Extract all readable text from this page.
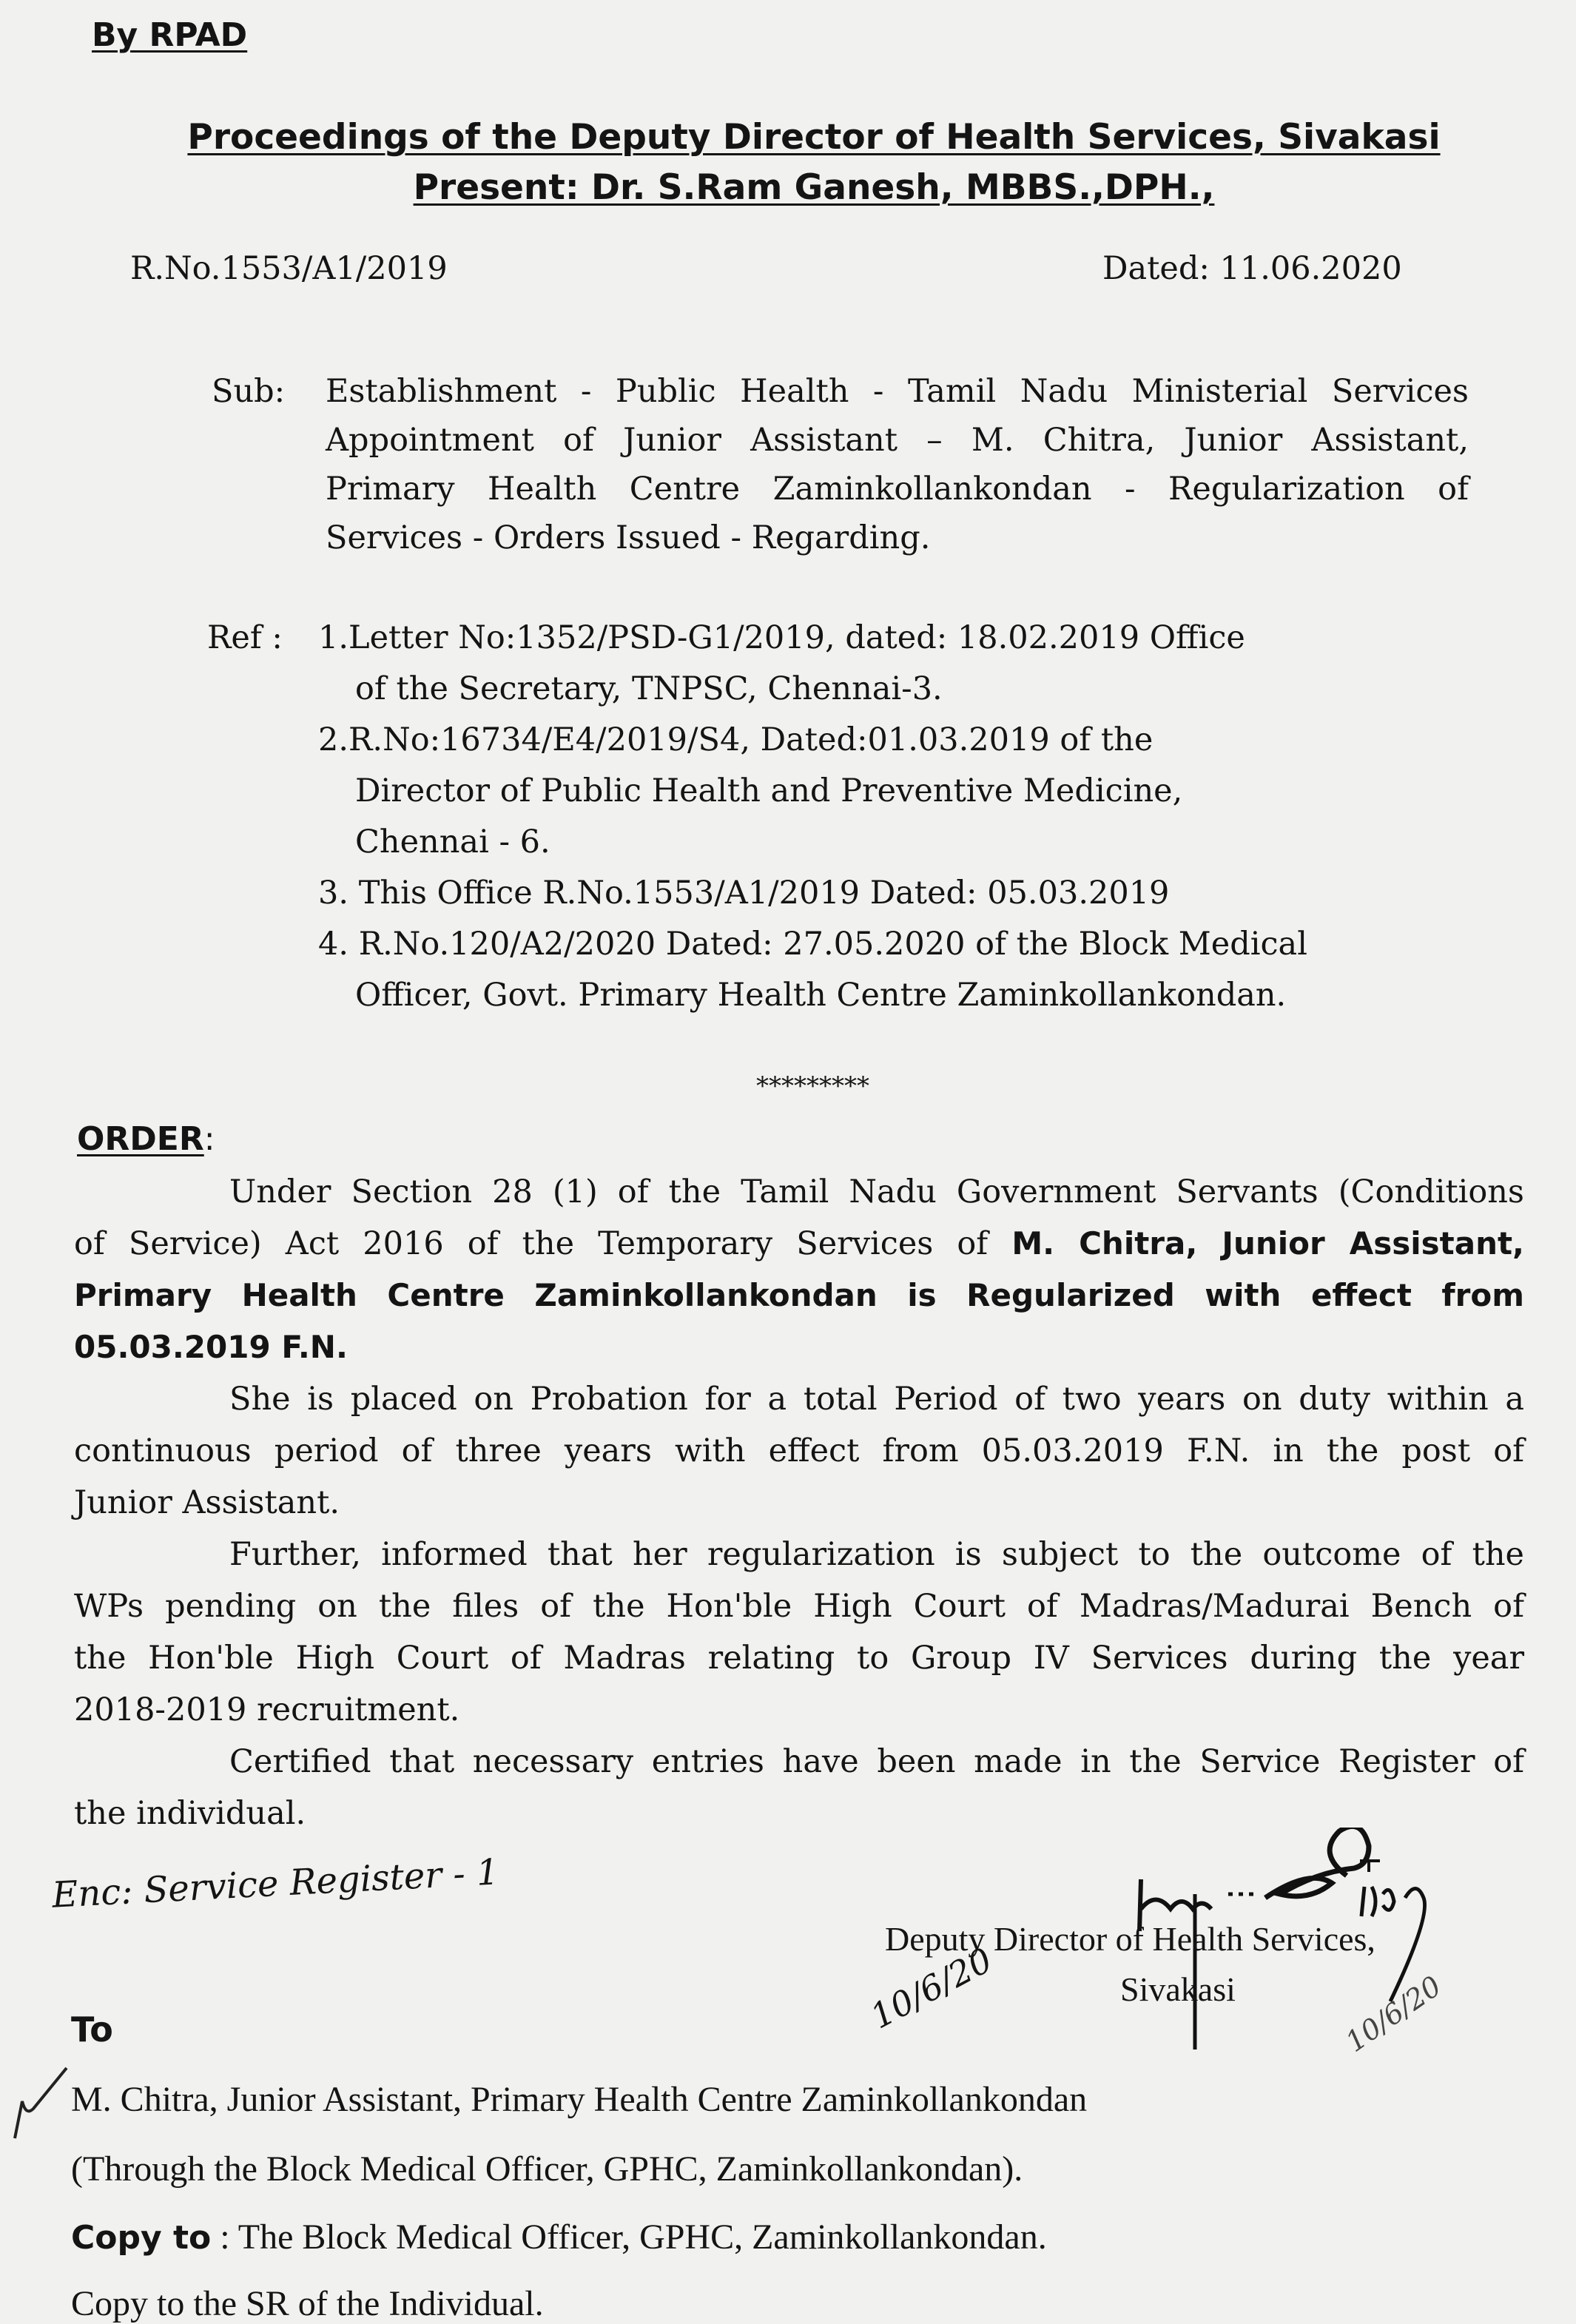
By RPAD
Proceedings of the Deputy Director of Health Services, Sivakasi
Present: Dr. S.Ram Ganesh, MBBS.,DPH.,
R.No.1553/A1/2019	Dated: 11.06.2020
Sub: Establishment - Public Health - Tamil Nadu Ministerial Services
Appointment of Junior Assistant – M. Chitra, Junior Assistant,
Primary Health Centre Zaminkollankondan - Regularization of
Services - Orders Issued - Regarding.
Ref : 1.Letter No:1352/PSD-G1/2019, dated: 18.02.2019 Office
of the Secretary, TNPSC, Chennai-3.
2.R.No:16734/E4/2019/S4, Dated:01.03.2019 of the
Director of Public Health and Preventive Medicine,
Chennai - 6.
3. This Office R.No.1553/A1/2019 Dated: 05.03.2019
4. R.No.120/A2/2020 Dated: 27.05.2020 of the Block Medical
Officer, Govt. Primary Health Centre Zaminkollankondan.
*********
ORDER:
Under Section 28 (1) of the Tamil Nadu Government Servants (Conditions
of Service) Act 2016 of the Temporary Services of M. Chitra, Junior Assistant,
Primary Health Centre Zaminkollankondan is Regularized with effect from
05.03.2019 F.N.
She is placed on Probation for a total Period of two years on duty within a
continuous period of three years with effect from 05.03.2019 F.N. in the post of
Junior Assistant.
Further, informed that her regularization is subject to the outcome of the
WPs pending on the files of the Hon'ble High Court of Madras/Madurai Bench of
the Hon'ble High Court of Madras relating to Group IV Services during the year
2018-2019 recruitment.
Certified that necessary entries have been made in the Service Register of
the individual.
Enc: Service Register - 1
Deputy Director of Health Services,
Sivakasi
10/6/20	10/6/20
To
M. Chitra, Junior Assistant, Primary Health Centre Zaminkollankondan
(Through the Block Medical Officer, GPHC, Zaminkollankondan).
Copy to : The Block Medical Officer, GPHC, Zaminkollankondan.
Copy to the SR of the Individual.
